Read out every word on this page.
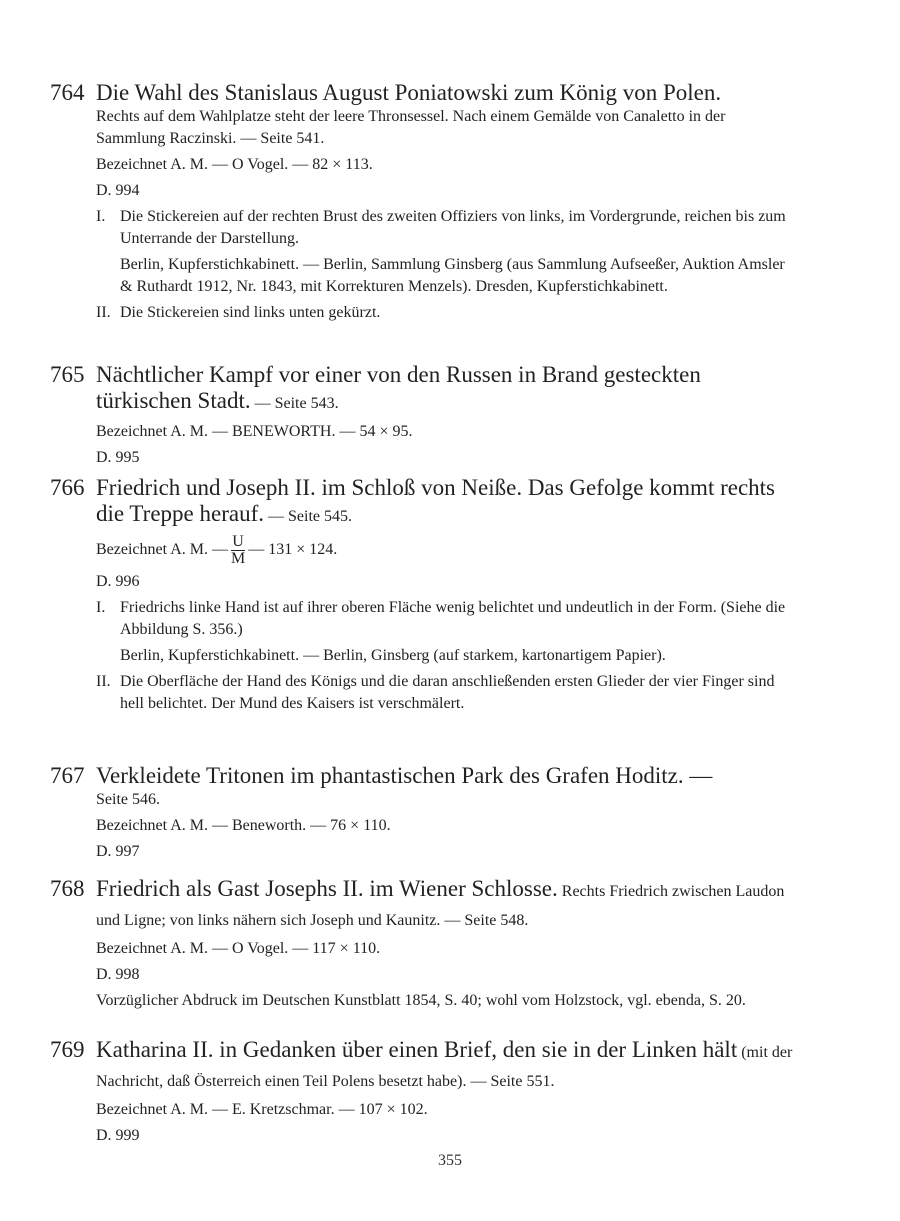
764 Die Wahl des Stanislaus August Poniatowski zum König von Polen.
Rechts auf dem Wahlplatze steht der leere Thronsessel. Nach einem Gemälde von Canaletto in der Sammlung Raczinski. — Seite 541.
Bezeichnet A. M. — O Vogel. — 82 × 113.
D. 994
I. Die Stickereien auf der rechten Brust des zweiten Offiziers von links, im Vordergrunde, reichen bis zum Unterrande der Darstellung.
Berlin, Kupferstichkabinett. — Berlin, Sammlung Ginsberg (aus Sammlung Aufseeßer, Auktion Amsler & Ruthardt 1912, Nr. 1843, mit Korrekturen Menzels). Dresden, Kupferstichkabinett.
II. Die Stickereien sind links unten gekürzt.
765 Nächtlicher Kampf vor einer von den Russen in Brand gesteckten türkischen Stadt. — Seite 543.
Bezeichnet A. M. — BENEWORTH. — 54 × 95.
D. 995
766 Friedrich und Joseph II. im Schloß von Neiße. Das Gefolge kommt rechts die Treppe herauf. — Seite 545.
Bezeichnet A. M. — $\frac{U}{M}$ — 131 × 124.
D. 996
I. Friedrichs linke Hand ist auf ihrer oberen Fläche wenig belichtet und undeutlich in der Form. (Siehe die Abbildung S. 356.)
Berlin, Kupferstichkabinett. — Berlin, Ginsberg (auf starkem, kartonartigem Papier).
II. Die Oberfläche der Hand des Königs und die daran anschließenden ersten Glieder der vier Finger sind hell belichtet. Der Mund des Kaisers ist verschmälert.
767 Verkleidete Tritonen im phantastischen Park des Grafen Hoditz. —
Seite 546.
Bezeichnet A. M. — Beneworth. — 76 × 110.
D. 997
768 Friedrich als Gast Josephs II. im Wiener Schlosse. Rechts Friedrich zwischen Laudon und Ligne; von links nähern sich Joseph und Kaunitz. — Seite 548.
Bezeichnet A. M. — O Vogel. — 117 × 110.
D. 998
Vorzüglicher Abdruck im Deutschen Kunstblatt 1854, S. 40; wohl vom Holzstock, vgl. ebenda, S. 20.
769 Katharina II. in Gedanken über einen Brief, den sie in der Linken hält (mit der Nachricht, daß Österreich einen Teil Polens besetzt habe). — Seite 551.
Bezeichnet A. M. — E. Kretzschmar. — 107 × 102.
D. 999
355
